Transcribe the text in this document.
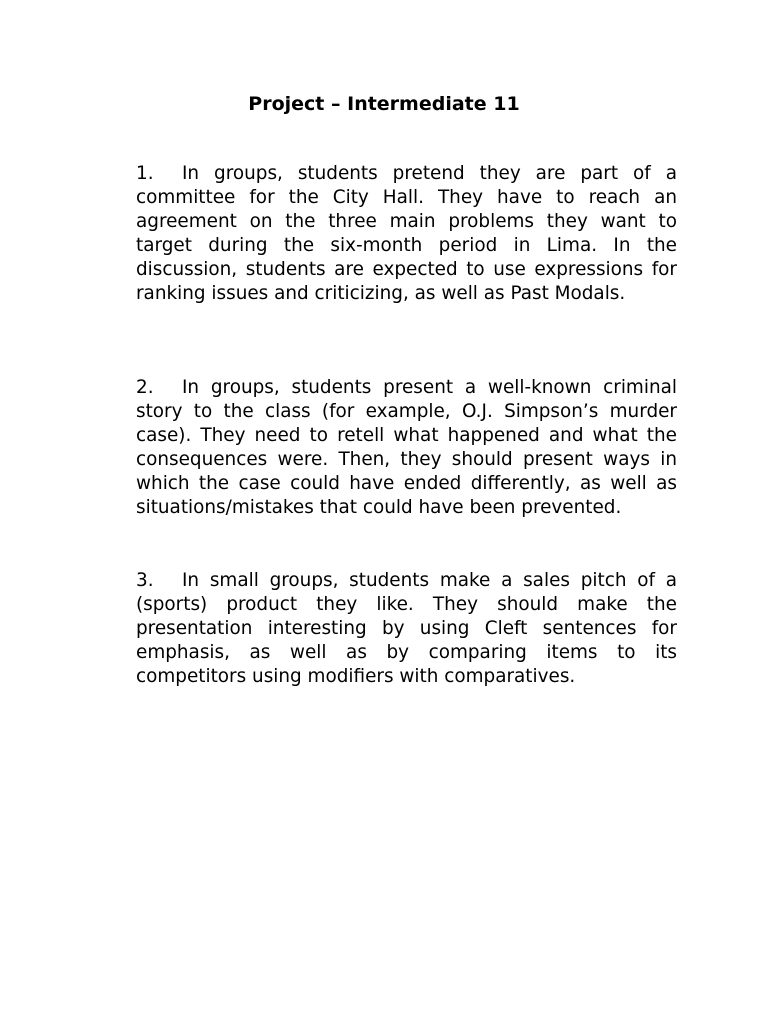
Project – Intermediate 11
1. In groups, students pretend they are part of a committee for the City Hall. They have to reach an agreement on the three main problems they want to target during the six-month period in Lima. In the discussion, students are expected to use expressions for ranking issues and criticizing, as well as Past Modals.
2. In groups, students present a well-known criminal story to the class (for example, O.J. Simpson’s murder case). They need to retell what happened and what the consequences were. Then, they should present ways in which the case could have ended differently, as well as situations/mistakes that could have been prevented.
3. In small groups, students make a sales pitch of a (sports) product they like. They should make the presentation interesting by using Cleft sentences for emphasis, as well as by comparing items to its competitors using modifiers with comparatives.
